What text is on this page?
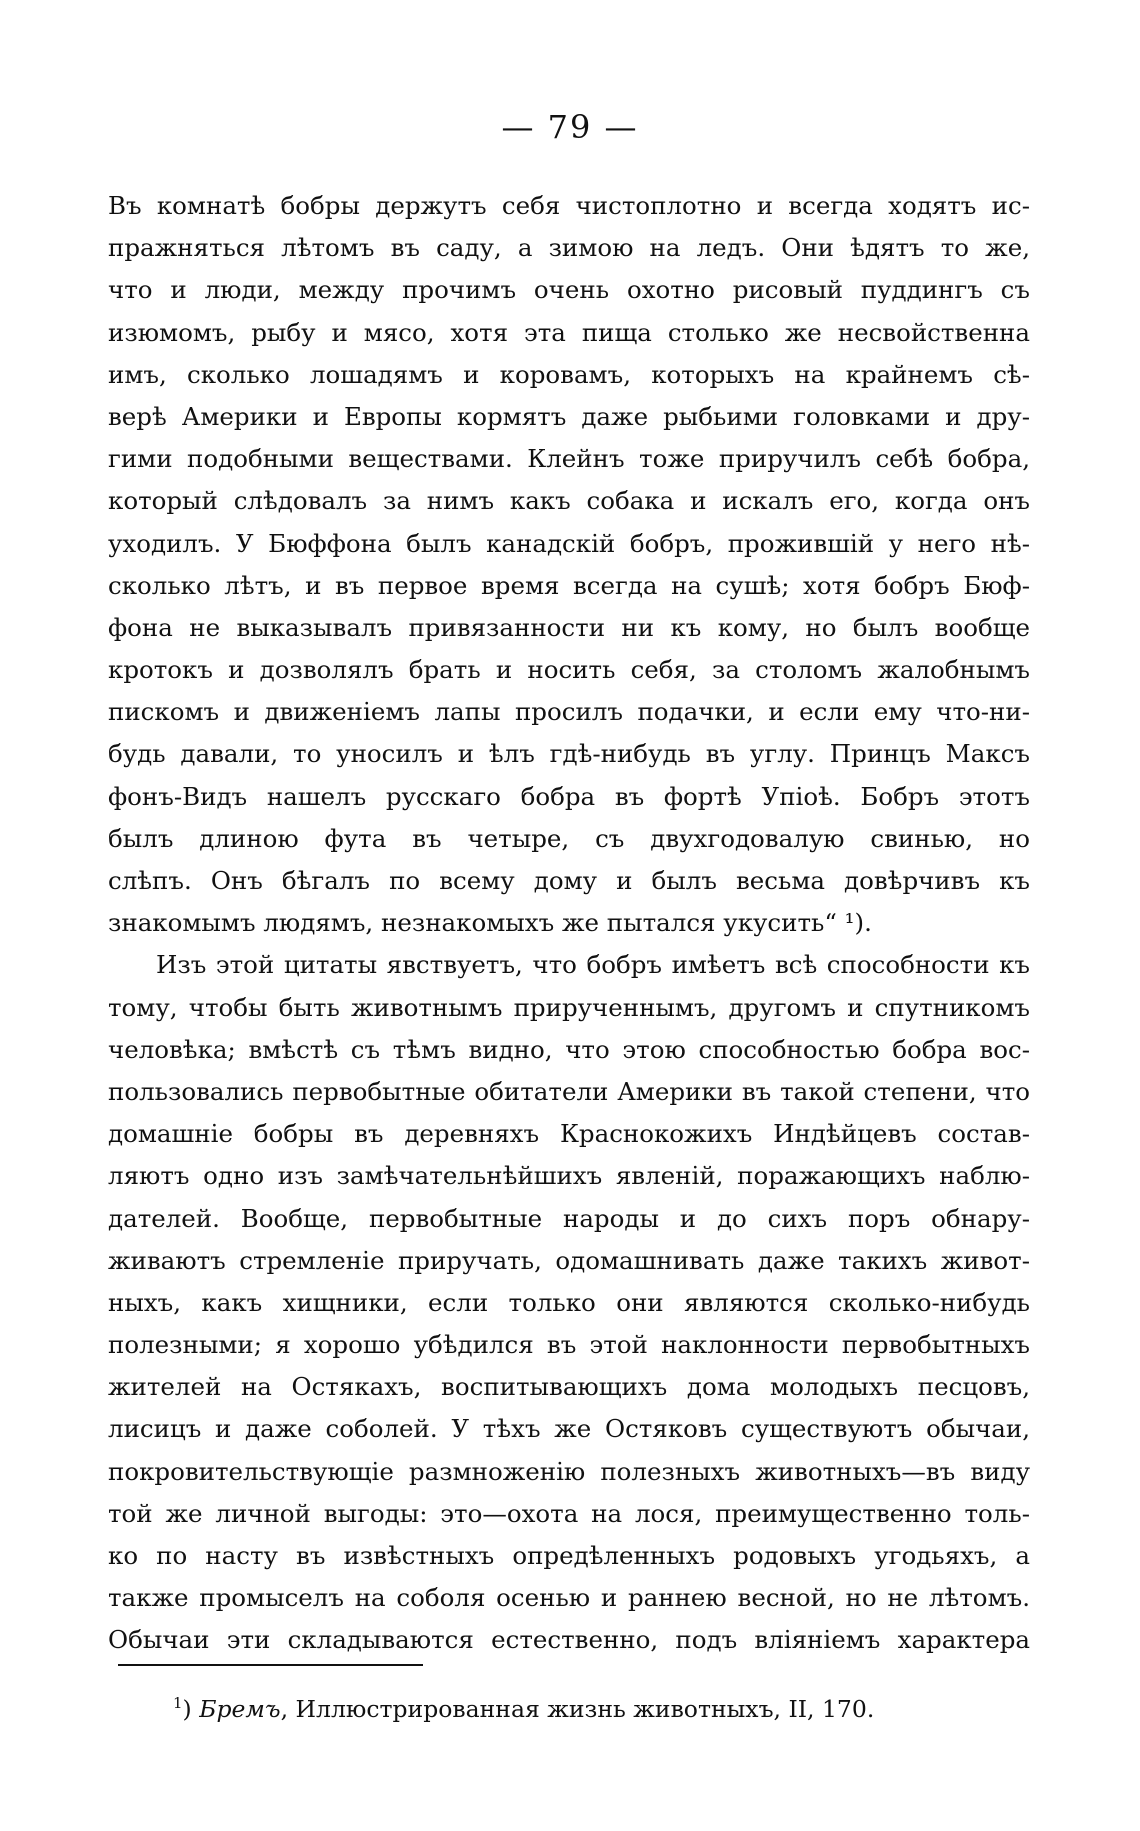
— 79 —
Въ комнатѣ бобры держутъ себя чистоплотно и всегда ходятъ ис-
пражняться лѣтомъ въ саду, а зимою на ледъ. Они ѣдятъ то же,
что и люди, между прочимъ очень охотно рисовый пуддингъ съ
изюмомъ, рыбу и мясо, хотя эта пища столько же несвойственна
имъ, сколько лошадямъ и коровамъ, которыхъ на крайнемъ сѣ-
верѣ Америки и Европы кормятъ даже рыбьими головками и дру-
гими подобными веществами. Клейнъ тоже приручилъ себѣ бобра,
который слѣдовалъ за нимъ какъ собака и искалъ его, когда онъ
уходилъ. У Бюффона былъ канадскій бобръ, прожившій у него нѣ-
сколько лѣтъ, и въ первое время всегда на сушѣ; хотя бобръ Бюф-
фона не выказывалъ привязанности ни къ кому, но былъ вообще
кротокъ и дозволялъ брать и носить себя, за столомъ жалобнымъ
пискомъ и движеніемъ лапы просилъ подачки, и если ему что-ни-
будь давали, то уносилъ и ѣлъ гдѣ-нибудь въ углу. Принцъ Максъ
фонъ-Видъ нашелъ русскаго бобра въ фортѣ Упіоѣ. Бобръ этотъ
былъ длиною фута въ четыре, съ двухгодовалую свинью, но
слѣпъ. Онъ бѣгалъ по всему дому и былъ весьма довѣрчивъ къ
знакомымъ людямъ, незнакомыхъ же пытался укусить“ ¹).
Изъ этой цитаты явствуетъ, что бобръ имѣетъ всѣ способности къ
тому, чтобы быть животнымъ прирученнымъ, другомъ и спутникомъ
человѣка; вмѣстѣ съ тѣмъ видно, что этою способностью бобра вос-
пользовались первобытные обитатели Америки въ такой степени, что
домашніе бобры въ деревняхъ Краснокожихъ Индѣйцевъ состав-
ляютъ одно изъ замѣчательнѣйшихъ явленій, поражающихъ наблю-
дателей. Вообще, первобытные народы и до сихъ поръ обнару-
живаютъ стремленіе приручать, одомашнивать даже такихъ живот-
ныхъ, какъ хищники, если только они являются сколько-нибудь
полезными; я хорошо убѣдился въ этой наклонности первобытныхъ
жителей на Остякахъ, воспитывающихъ дома молодыхъ песцовъ,
лисицъ и даже соболей. У тѣхъ же Остяковъ существуютъ обычаи,
покровительствующіе размноженію полезныхъ животныхъ—въ виду
той же личной выгоды: это—охота на лося, преимущественно толь-
ко по насту въ извѣстныхъ опредѣленныхъ родовыхъ угодьяхъ, а
также промыселъ на соболя осенью и раннею весной, но не лѣтомъ.
Обычаи эти складываются естественно, подъ вліяніемъ характера
$^1$) Бремъ, Иллюстрированная жизнь животныхъ, II, 170.
